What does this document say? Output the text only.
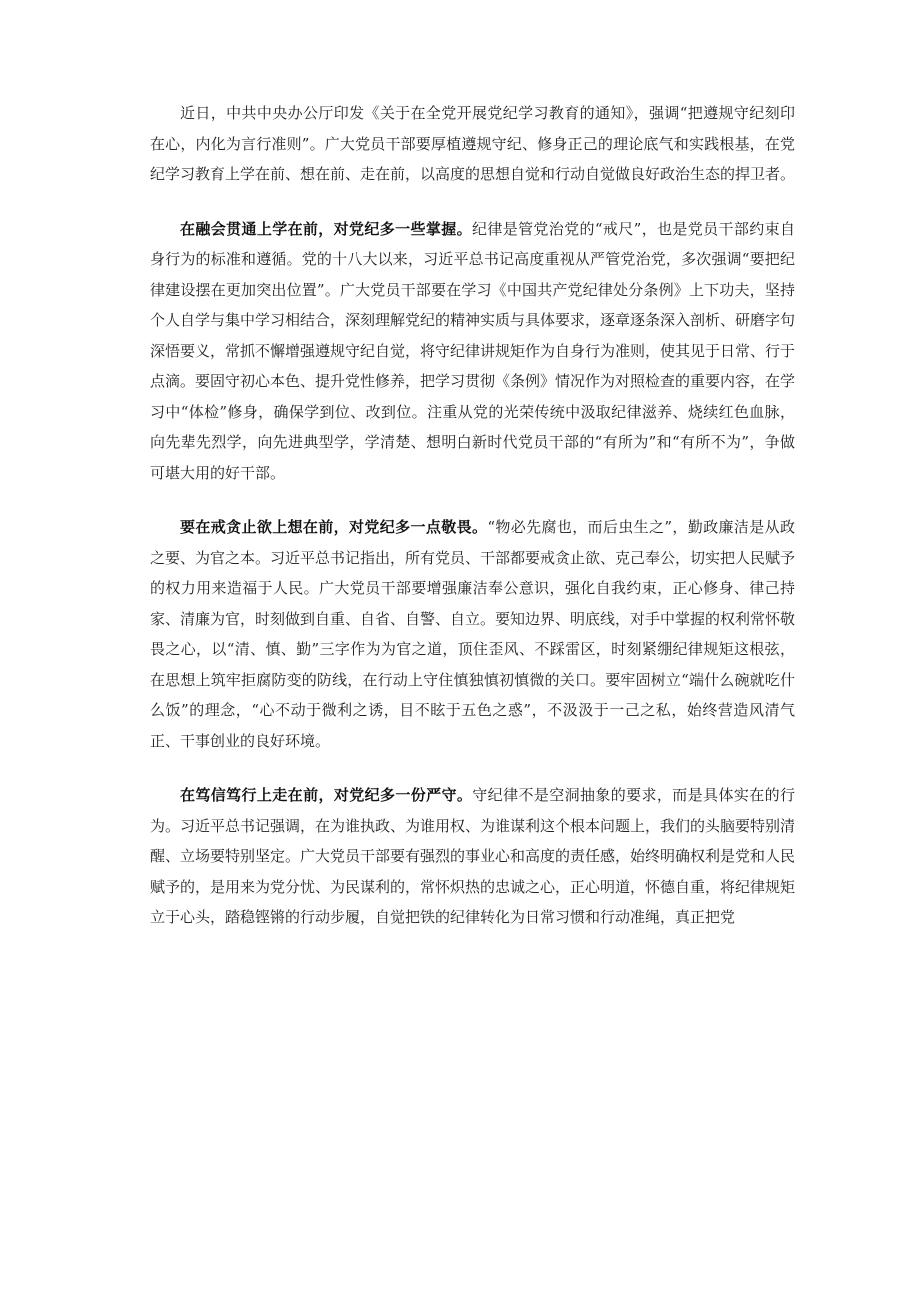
近日，中共中央办公厅印发《关于在全党开展党纪学习教育的通知》，强调“把遵规守纪刻印在心，内化为言行准则”。广大党员干部要厚植遵规守纪、修身正己的理论底气和实践根基，在党纪学习教育上学在前、想在前、走在前，以高度的思想自觉和行动自觉做良好政治生态的捍卫者。

在融会贯通上学在前，对党纪多一些掌握。纪律是管党治党的“戒尺”，也是党员干部约束自身行为的标准和遵循。党的十八大以来，习近平总书记高度重视从严管党治党，多次强调“要把纪律建设摆在更加突出位置”。广大党员干部要在学习《中国共产党纪律处分条例》上下功夫，坚持个人自学与集中学习相结合，深刻理解党纪的精神实质与具体要求，逐章逐条深入剖析、研磨字句深悟要义，常抓不懈增强遵规守纪自觉，将守纪律讲规矩作为自身行为准则，使其见于日常、行于点滴。要固守初心本色、提升党性修养，把学习贯彻《条例》情况作为对照检查的重要内容，在学习中“体检”修身，确保学到位、改到位。注重从党的光荣传统中汲取纪律滋养、烧续红色血脉，向先辈先烈学，向先进典型学，学清楚、想明白新时代党员干部的“有所为”和“有所不为”，争做可堪大用的好干部。

要在戒贪止欲上想在前，对党纪多一点敬畏。“物必先腐也，而后虫生之”，勤政廉洁是从政之要、为官之本。习近平总书记指出，所有党员、干部都要戒贪止欲、克己奉公，切实把人民赋予的权力用来造福于人民。广大党员干部要增强廉洁奉公意识，强化自我约束，正心修身、律己持家、清廉为官，时刻做到自重、自省、自警、自立。要知边界、明底线，对手中掌握的权利常怀敬畏之心，以“清、慎、勤”三字作为为官之道，顶住歪风、不踩雷区，时刻紧绷纪律规矩这根弦，在思想上筑牢拒腐防变的防线，在行动上守住慎独慎初慎微的关口。要牢固树立“端什么碗就吃什么饭”的理念，“心不动于微利之诱，目不眩于五色之惑”，不汲汲于一己之私，始终营造风清气正、干事创业的良好环境。

在笃信笃行上走在前，对党纪多一份严守。守纪律不是空洞抽象的要求，而是具体实在的行为。习近平总书记强调，在为谁执政、为谁用权、为谁谋利这个根本问题上，我们的头脑要特别清醒、立场要特别坚定。广大党员干部要有强烈的事业心和高度的责任感，始终明确权利是党和人民赋予的，是用来为党分忧、为民谋利的，常怀炽热的忠诚之心，正心明道，怀德自重，将纪律规矩立于心头，踏稳铿锵的行动步履，自觉把铁的纪律转化为日常习惯和行动准绳，真正把党
